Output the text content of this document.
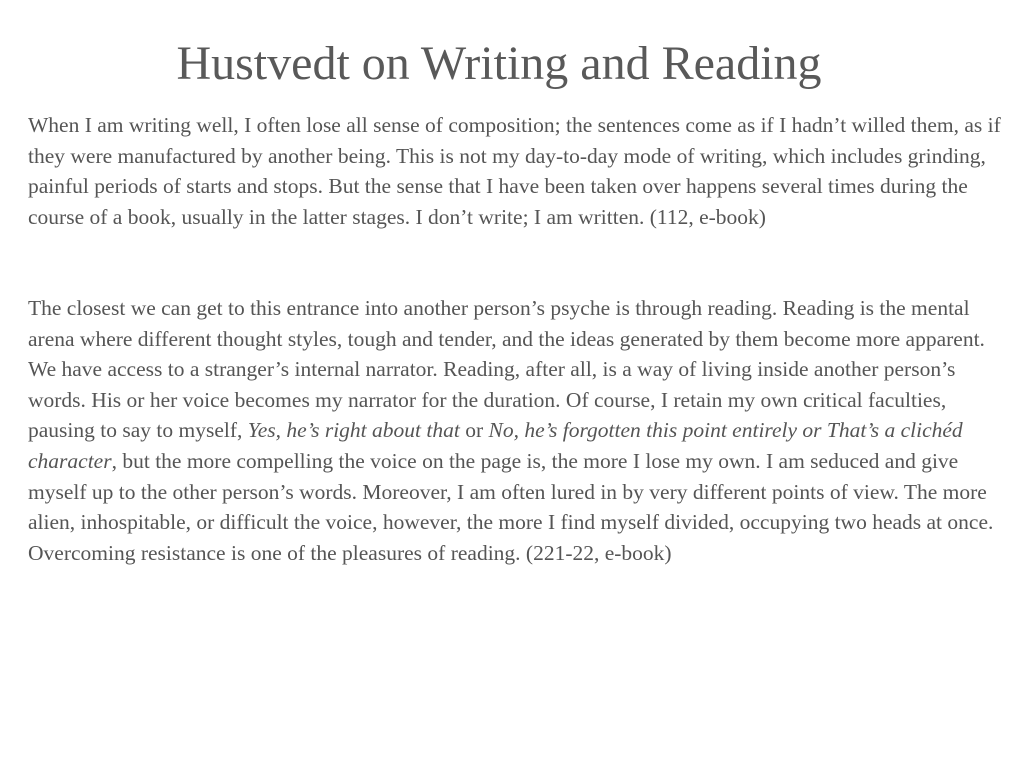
Hustvedt on Writing and Reading

When I am writing well, I often lose all sense of composition; the sentences come as if I hadn’t willed them, as if they were manufactured by another being. This is not my day-to-day mode of writing, which includes grinding, painful periods of starts and stops. But the sense that I have been taken over happens several times during the course of a book, usually in the latter stages. I don’t write; I am written. (112, e-book)

The closest we can get to this entrance into another person’s psyche is through reading. Reading is the mental arena where different thought styles, tough and tender, and the ideas generated by them become more apparent. We have access to a stranger’s internal narrator. Reading, after all, is a way of living inside another person’s words. His or her voice becomes my narrator for the duration. Of course, I retain my own critical faculties, pausing to say to myself, Yes, he’s right about that or No, he’s forgotten this point entirely or That’s a clichéd character, but the more compelling the voice on the page is, the more I lose my own. I am seduced and give myself up to the other person’s words. Moreover, I am often lured in by very different points of view. The more alien, inhospitable, or difficult the voice, however, the more I find myself divided, occupying two heads at once. Overcoming resistance is one of the pleasures of reading. (221-22, e-book)
